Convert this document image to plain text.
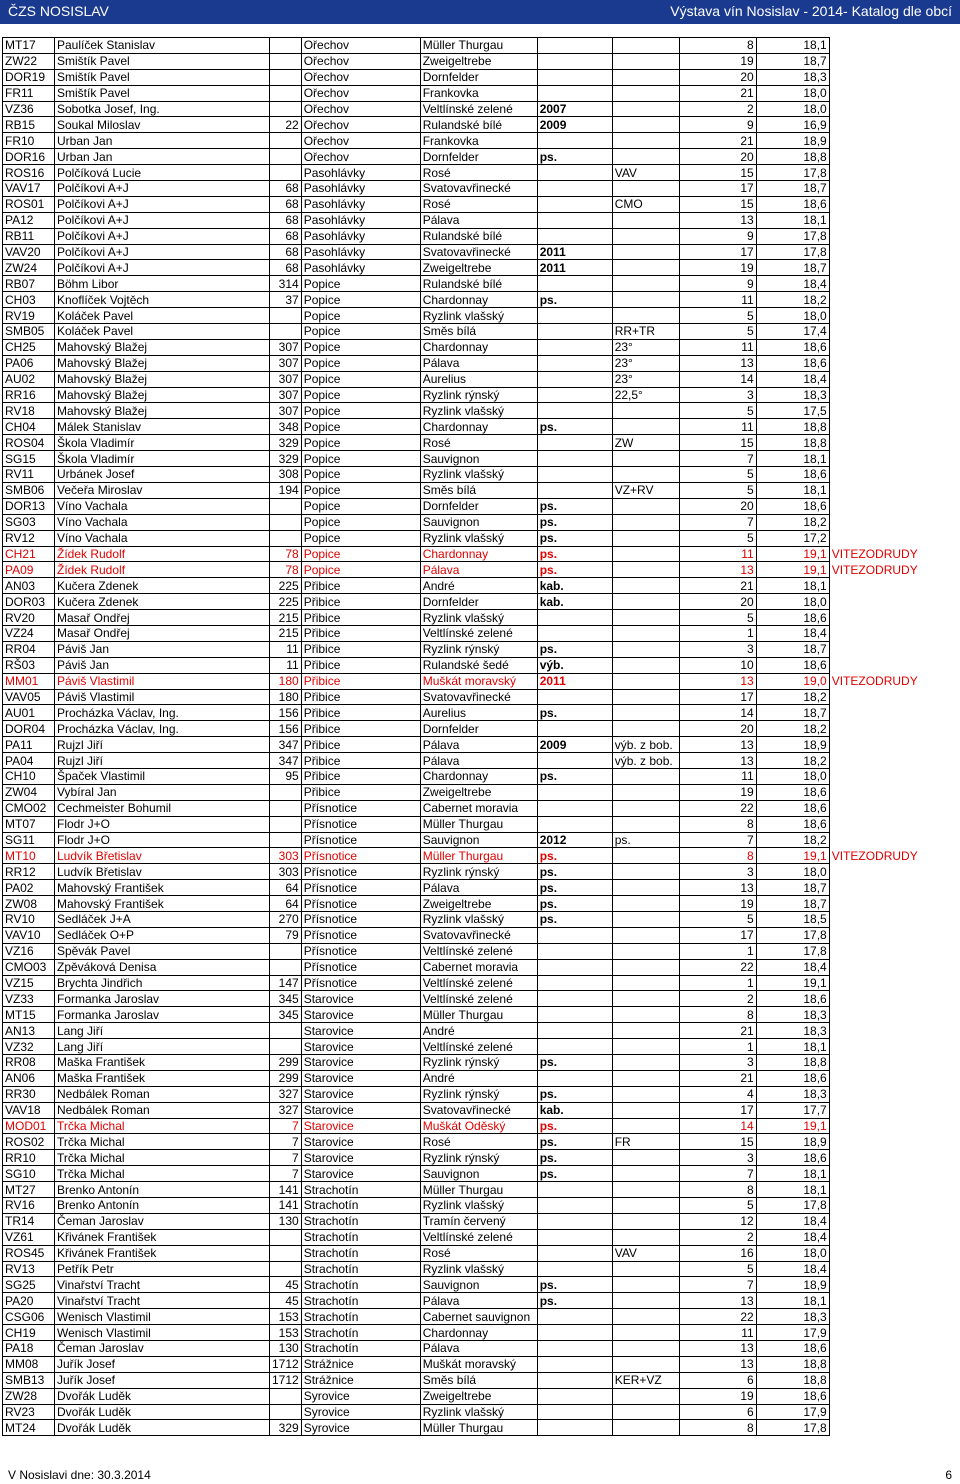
ČZS NOSISLAV	Výstava vín Nosislav - 2014- Katalog dle obcí
MT17	Paulíček Stanislav		Ořechov	Müller Thurgau			8	18,1	
ZW22	Smištík Pavel		Ořechov	Zweigeltrebe			19	18,7	
DOR19	Smištík Pavel		Ořechov	Dornfelder			20	18,3	
FR11	Smištík Pavel		Ořechov	Frankovka			21	18,0	
VZ36	Sobotka Josef, Ing.		Ořechov	Veltlínské zelené	2007		2	18,0	
RB15	Soukal Miloslav	22	Ořechov	Rulandské bílé	2009		9	16,9	
FR10	Urban Jan		Ořechov	Frankovka			21	18,9	
DOR16	Urban Jan		Ořechov	Dornfelder	ps.		20	18,8	
ROS16	Polčíková Lucie		Pasohlávky	Rosé		VAV	15	17,8	
VAV17	Polčíkovi A+J	68	Pasohlávky	Svatovavřinecké			17	18,7	
ROS01	Polčíkovi A+J	68	Pasohlávky	Rosé		CMO	15	18,6	
PA12	Polčíkovi A+J	68	Pasohlávky	Pálava			13	18,1	
RB11	Polčíkovi A+J	68	Pasohlávky	Rulandské bílé			9	17,8	
VAV20	Polčíkovi A+J	68	Pasohlávky	Svatovavřinecké	2011		17	17,8	
ZW24	Polčíkovi A+J	68	Pasohlávky	Zweigeltrebe	2011		19	18,7	
RB07	Böhm Libor	314	Popice	Rulandské bílé			9	18,4	
CH03	Knoflíček Vojtěch	37	Popice	Chardonnay	ps.		11	18,2	
RV19	Koláček Pavel		Popice	Ryzlink vlašský			5	18,0	
SMB05	Koláček Pavel		Popice	Směs bílá		RR+TR	5	17,4	
CH25	Mahovský Blažej	307	Popice	Chardonnay		23°	11	18,6	
PA06	Mahovský Blažej	307	Popice	Pálava		23°	13	18,6	
AU02	Mahovský Blažej	307	Popice	Aurelius		23°	14	18,4	
RR16	Mahovský Blažej	307	Popice	Ryzlink rýnský		22,5°	3	18,3	
RV18	Mahovský Blažej	307	Popice	Ryzlink vlašský			5	17,5	
CH04	Málek Stanislav	348	Popice	Chardonnay	ps.		11	18,8	
ROS04	Škola Vladimír	329	Popice	Rosé		ZW	15	18,8	
SG15	Škola Vladimír	329	Popice	Sauvignon			7	18,1	
RV11	Urbánek Josef	308	Popice	Ryzlink vlašský			5	18,6	
SMB06	Večeřa Miroslav	194	Popice	Směs bílá		VZ+RV	5	18,1	
DOR13	Víno Vachala		Popice	Dornfelder	ps.		20	18,6	
SG03	Víno Vachala		Popice	Sauvignon	ps.		7	18,2	
RV12	Víno Vachala		Popice	Ryzlink vlašský	ps.		5	17,2	
CH21	Žídek Rudolf	78	Popice	Chardonnay	ps.		11	19,1	VITEZODRUDY
PA09	Žídek Rudolf	78	Popice	Pálava	ps.		13	19,1	VITEZODRUDY
AN03	Kučera Zdenek	225	Přibice	André	kab.		21	18,1	
DOR03	Kučera Zdenek	225	Přibice	Dornfelder	kab.		20	18,0	
RV20	Masař Ondřej	215	Přibice	Ryzlink vlašský			5	18,6	
VZ24	Masař Ondřej	215	Přibice	Veltlínské zelené			1	18,4	
RR04	Páviš Jan	11	Přibice	Ryzlink rýnský	ps.		3	18,7	
RŠ03	Páviš Jan	11	Přibice	Rulandské šedé	výb.		10	18,6	
MM01	Páviš Vlastimil	180	Přibice	Muškát moravský	2011		13	19,0	VITEZODRUDY
VAV05	Páviš Vlastimil	180	Přibice	Svatovavřinecké			17	18,2	
AU01	Procházka Václav, Ing.	156	Přibice	Aurelius	ps.		14	18,7	
DOR04	Procházka Václav, Ing.	156	Přibice	Dornfelder			20	18,2	
PA11	Rujzl Jiří	347	Přibice	Pálava	2009	výb. z bob.	13	18,9	
PA04	Rujzl Jiří	347	Přibice	Pálava		výb. z bob.	13	18,2	
CH10	Špaček Vlastimil	95	Přibice	Chardonnay	ps.		11	18,0	
ZW04	Vybíral Jan		Přibice	Zweigeltrebe			19	18,6	
CMO02	Cechmeister Bohumil		Přísnotice	Cabernet moravia			22	18,6	
MT07	Flodr J+O		Přísnotice	Müller Thurgau			8	18,6	
SG11	Flodr J+O		Přísnotice	Sauvignon	2012	ps.	7	18,2	
MT10	Ludvík Břetislav	303	Přísnotice	Müller Thurgau	ps.		8	19,1	VITEZODRUDY
RR12	Ludvík Břetislav	303	Přísnotice	Ryzlink rýnský	ps.		3	18,0	
PA02	Mahovský František	64	Přísnotice	Pálava	ps.		13	18,7	
ZW08	Mahovský František	64	Přísnotice	Zweigeltrebe	ps.		19	18,7	
RV10	Sedláček J+A	270	Přísnotice	Ryzlink vlašský	ps.		5	18,5	
VAV10	Sedláček O+P	79	Přísnotice	Svatovavřinecké			17	17,8	
VZ16	Spěvák Pavel		Přísnotice	Veltlínské zelené			1	17,8	
CMO03	Zpěváková Denisa		Přísnotice	Cabernet moravia			22	18,4	
VZ15	Brychta Jindřich	147	Přísnotice	Veltlínské zelené			1	19,1	
VZ33	Formanka Jaroslav	345	Starovice	Veltlínské zelené			2	18,6	
MT15	Formanka Jaroslav	345	Starovice	Müller Thurgau			8	18,3	
AN13	Lang Jiří		Starovice	André			21	18,3	
VZ32	Lang Jiří		Starovice	Veltlínské zelené			1	18,1	
RR08	Maška František	299	Starovice	Ryzlink rýnský	ps.		3	18,8	
AN06	Maška František	299	Starovice	André			21	18,6	
RR30	Nedbálek Roman	327	Starovice	Ryzlink rýnský	ps.		4	18,3	
VAV18	Nedbálek Roman	327	Starovice	Svatovavřinecké	kab.		17	17,7	
MOD01	Trčka Michal	7	Starovice	Muškát Oděský	ps.		14	19,1	
ROS02	Trčka Michal	7	Starovice	Rosé	ps.	FR	15	18,9	
RR10	Trčka Michal	7	Starovice	Ryzlink rýnský	ps.		3	18,6	
SG10	Trčka Michal	7	Starovice	Sauvignon	ps.		7	18,1	
MT27	Brenko Antonín	141	Strachotín	Müller Thurgau			8	18,1	
RV16	Brenko Antonín	141	Strachotín	Ryzlink vlašský			5	17,8	
TR14	Čeman Jaroslav	130	Strachotín	Tramín červený			12	18,4	
VZ61	Křivánek František		Strachotín	Veltlínské zelené			2	18,4	
ROS45	Křivánek František		Strachotín	Rosé		VAV	16	18,0	
RV13	Petřík Petr		Strachotín	Ryzlink vlašský			5	18,4	
SG25	Vinařství Tracht	45	Strachotín	Sauvignon	ps.		7	18,9	
PA20	Vinařství Tracht	45	Strachotín	Pálava	ps.		13	18,1	
CSG06	Wenisch Vlastimil	153	Strachotín	Cabernet sauvignon			22	18,3	
CH19	Wenisch Vlastimil	153	Strachotín	Chardonnay			11	17,9	
PA18	Čeman Jaroslav	130	Strachotín	Pálava			13	18,6	
MM08	Juřík Josef	1712	Strážnice	Muškát moravský			13	18,8	
SMB13	Juřík Josef	1712	Strážnice	Směs bílá		KER+VZ	6	18,8	
ZW28	Dvořák Luděk		Syrovice	Zweigeltrebe			19	18,6	
RV23	Dvořák Luděk		Syrovice	Ryzlink vlašský			6	17,9	
MT24	Dvořák Luděk	329	Syrovice	Müller Thurgau			8	17,8	
V Nosislavi dne: 30.3.2014	6
